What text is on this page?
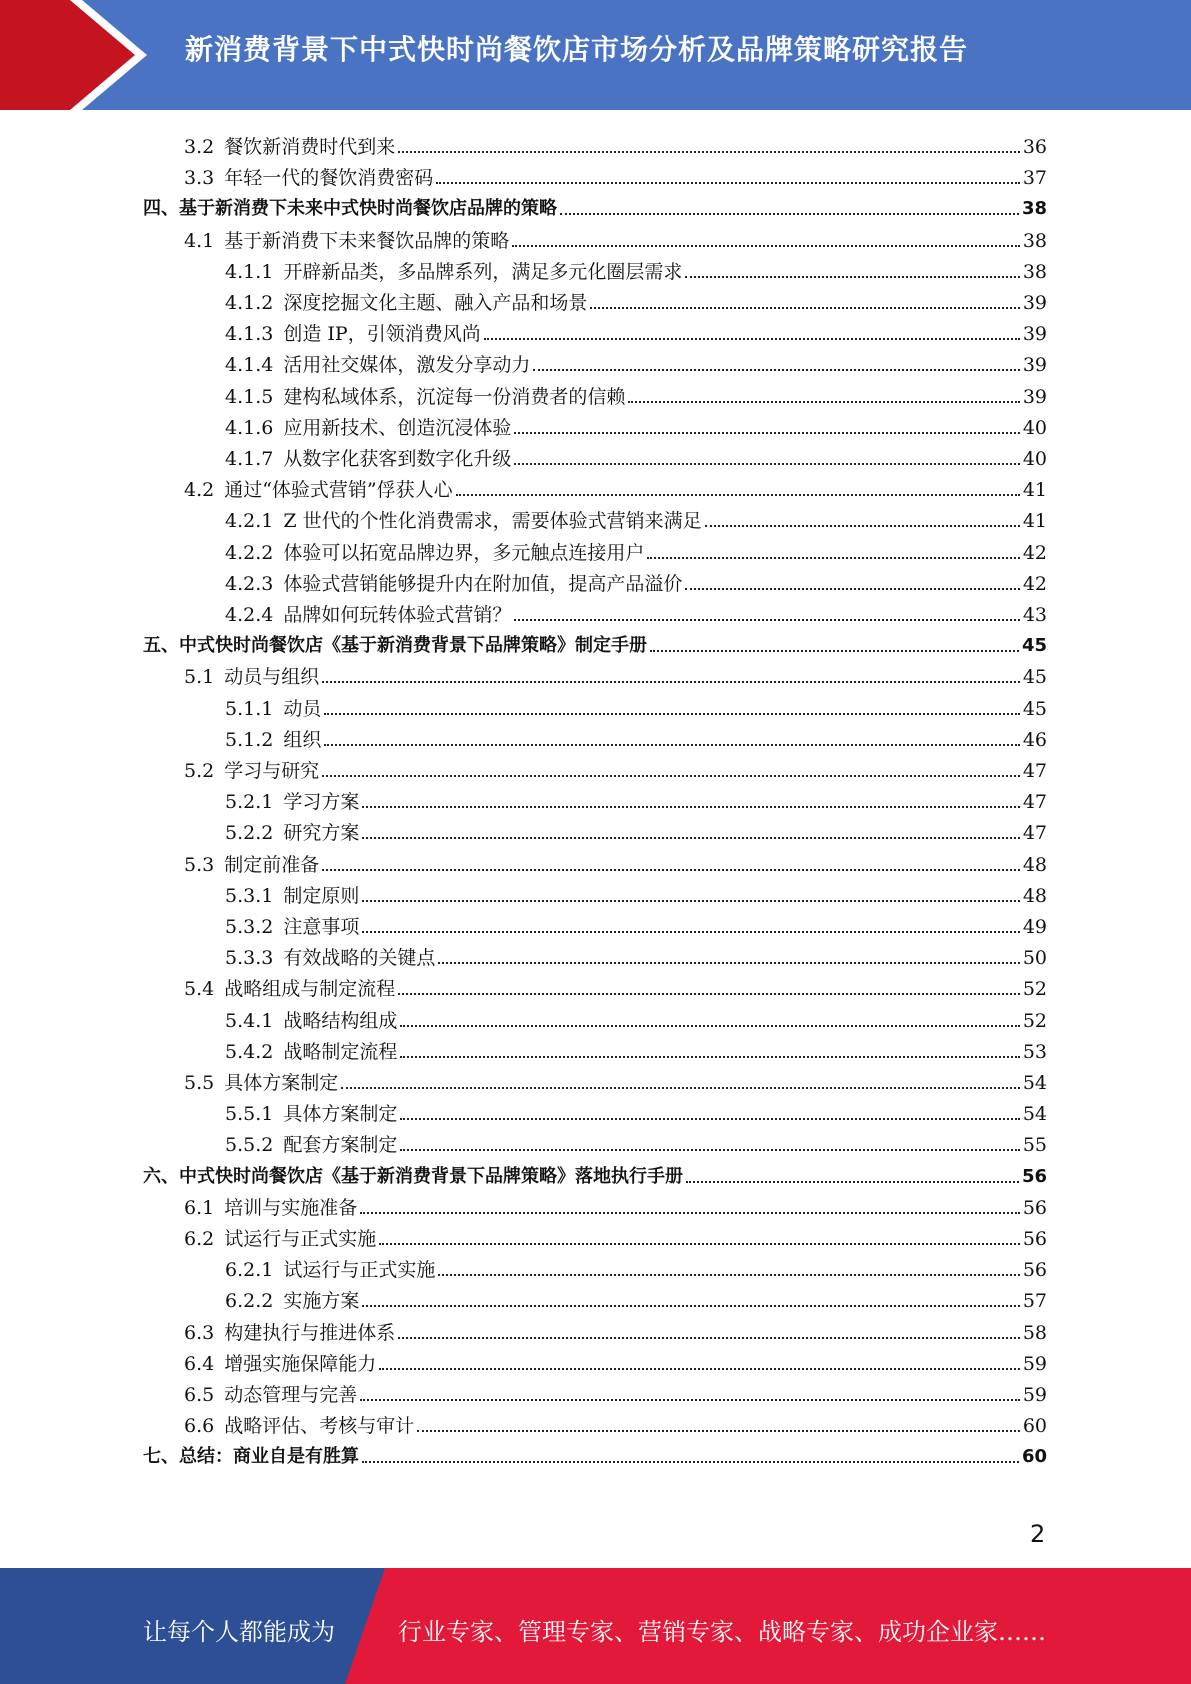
新消费背景下中式快时尚餐饮店市场分析及品牌策略研究报告
3.2 餐饮新消费时代到来	36
3.3 年轻一代的餐饮消费密码	37
四、基于新消费下未来中式快时尚餐饮店品牌的策略	38
4.1 基于新消费下未来餐饮品牌的策略	38
4.1.1 开辟新品类，多品牌系列，满足多元化圈层需求	38
4.1.2 深度挖掘文化主题、融入产品和场景	39
4.1.3 创造 IP，引领消费风尚	39
4.1.4 活用社交媒体，激发分享动力	39
4.1.5 建构私域体系，沉淀每一份消费者的信赖	39
4.1.6 应用新技术、创造沉浸体验	40
4.1.7 从数字化获客到数字化升级	40
4.2 通过“体验式营销”俘获人心	41
4.2.1 Z 世代的个性化消费需求，需要体验式营销来满足	41
4.2.2 体验可以拓宽品牌边界，多元触点连接用户	42
4.2.3 体验式营销能够提升内在附加值，提高产品溢价	42
4.2.4 品牌如何玩转体验式营销？	43
五、中式快时尚餐饮店《基于新消费背景下品牌策略》制定手册	45
5.1 动员与组织	45
5.1.1 动员	45
5.1.2 组织	46
5.2 学习与研究	47
5.2.1 学习方案	47
5.2.2 研究方案	47
5.3 制定前准备	48
5.3.1 制定原则	48
5.3.2 注意事项	49
5.3.3 有效战略的关键点	50
5.4 战略组成与制定流程	52
5.4.1 战略结构组成	52
5.4.2 战略制定流程	53
5.5 具体方案制定	54
5.5.1 具体方案制定	54
5.5.2 配套方案制定	55
六、中式快时尚餐饮店《基于新消费背景下品牌策略》落地执行手册	56
6.1 培训与实施准备	56
6.2 试运行与正式实施	56
6.2.1 试运行与正式实施	56
6.2.2 实施方案	57
6.3 构建执行与推进体系	58
6.4 增强实施保障能力	59
6.5 动态管理与完善	59
6.6 战略评估、考核与审计	60
七、总结：商业自是有胜算	60
2
让每个人都能成为	行业专家、管理专家、营销专家、战略专家、成功企业家……
